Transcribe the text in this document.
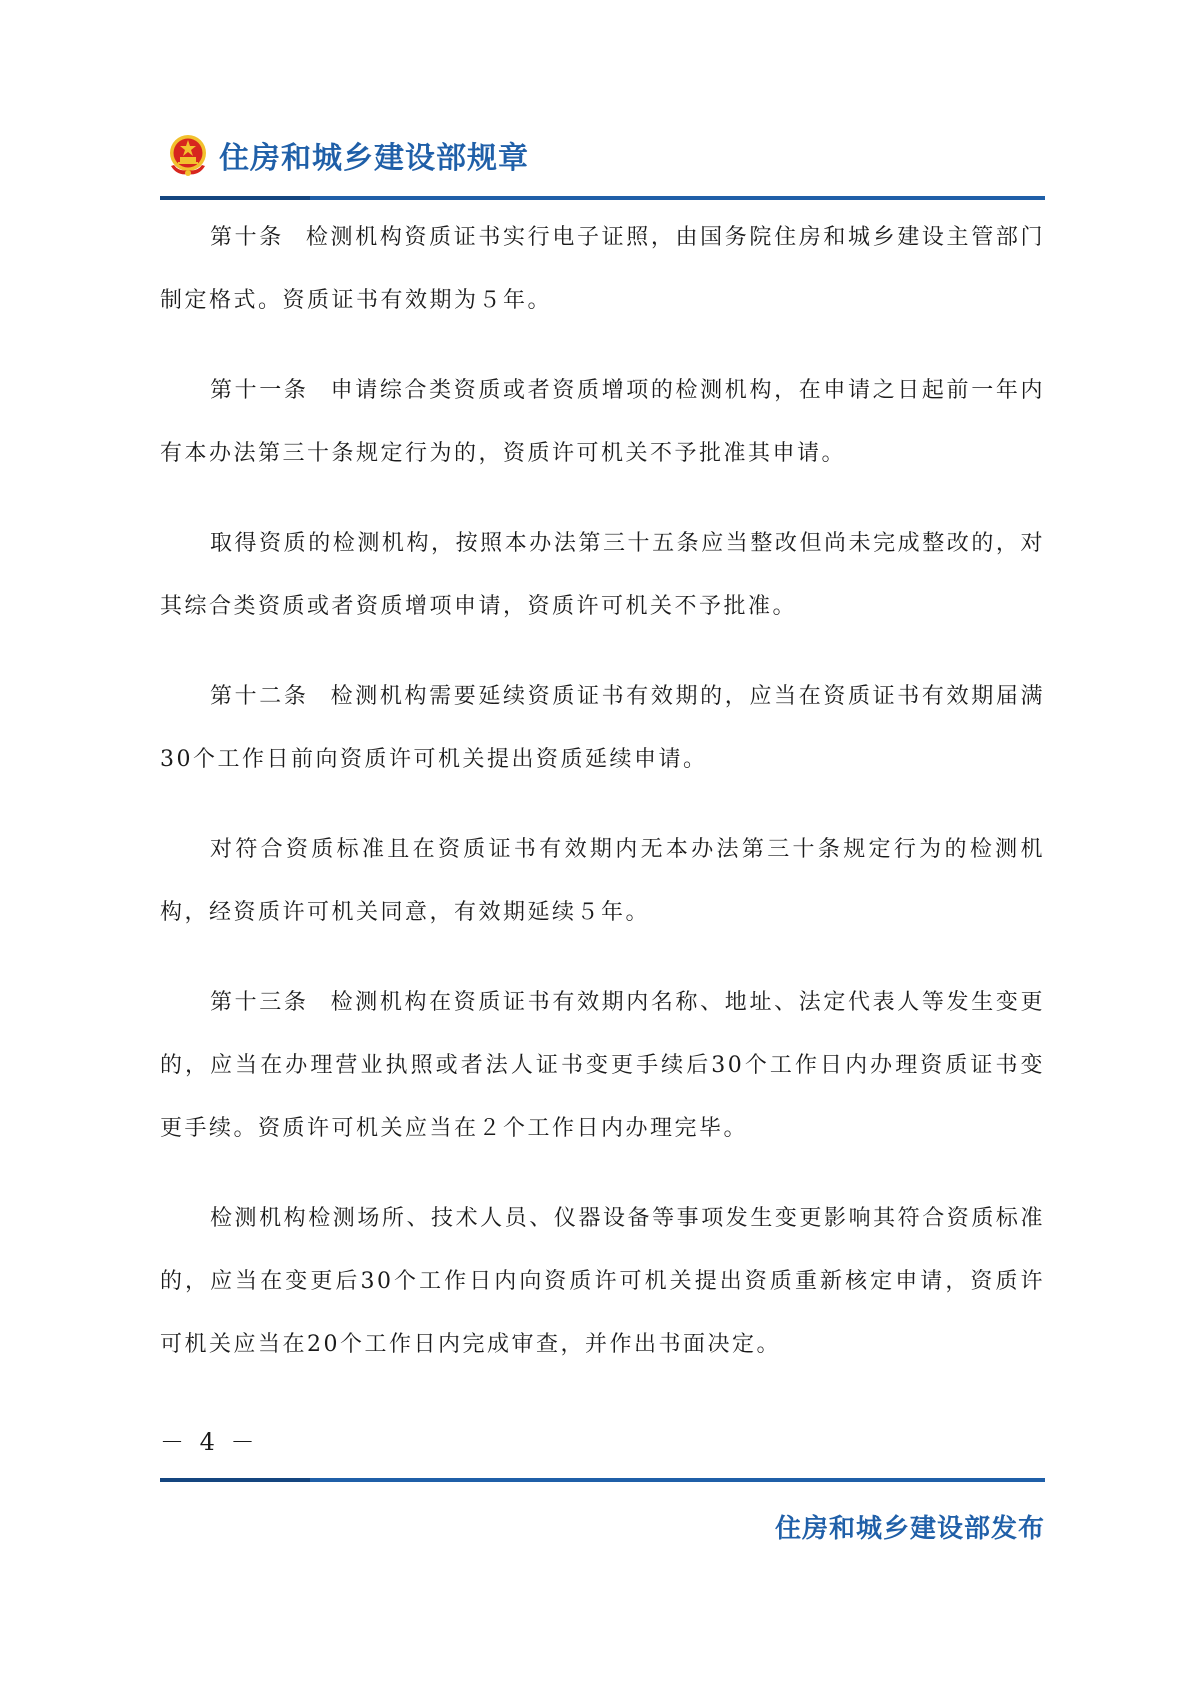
住房和城乡建设部规章

第十条 检测机构资质证书实行电子证照，由国务院住房和城乡建设主管部门制定格式。资质证书有效期为５年。

第十一条 申请综合类资质或者资质增项的检测机构，在申请之日起前一年内有本办法第三十条规定行为的，资质许可机关不予批准其申请。

取得资质的检测机构，按照本办法第三十五条应当整改但尚未完成整改的，对其综合类资质或者资质增项申请，资质许可机关不予批准。

第十二条 检测机构需要延续资质证书有效期的，应当在资质证书有效期届满30个工作日前向资质许可机关提出资质延续申请。

对符合资质标准且在资质证书有效期内无本办法第三十条规定行为的检测机构，经资质许可机关同意，有效期延续５年。

第十三条 检测机构在资质证书有效期内名称、地址、法定代表人等发生变更的，应当在办理营业执照或者法人证书变更手续后30个工作日内办理资质证书变更手续。资质许可机关应当在２个工作日内办理完毕。

检测机构检测场所、技术人员、仪器设备等事项发生变更影响其符合资质标准的，应当在变更后30个工作日内向资质许可机关提出资质重新核定申请，资质许可机关应当在20个工作日内完成审查，并作出书面决定。

－ 4 －
住房和城乡建设部发布
